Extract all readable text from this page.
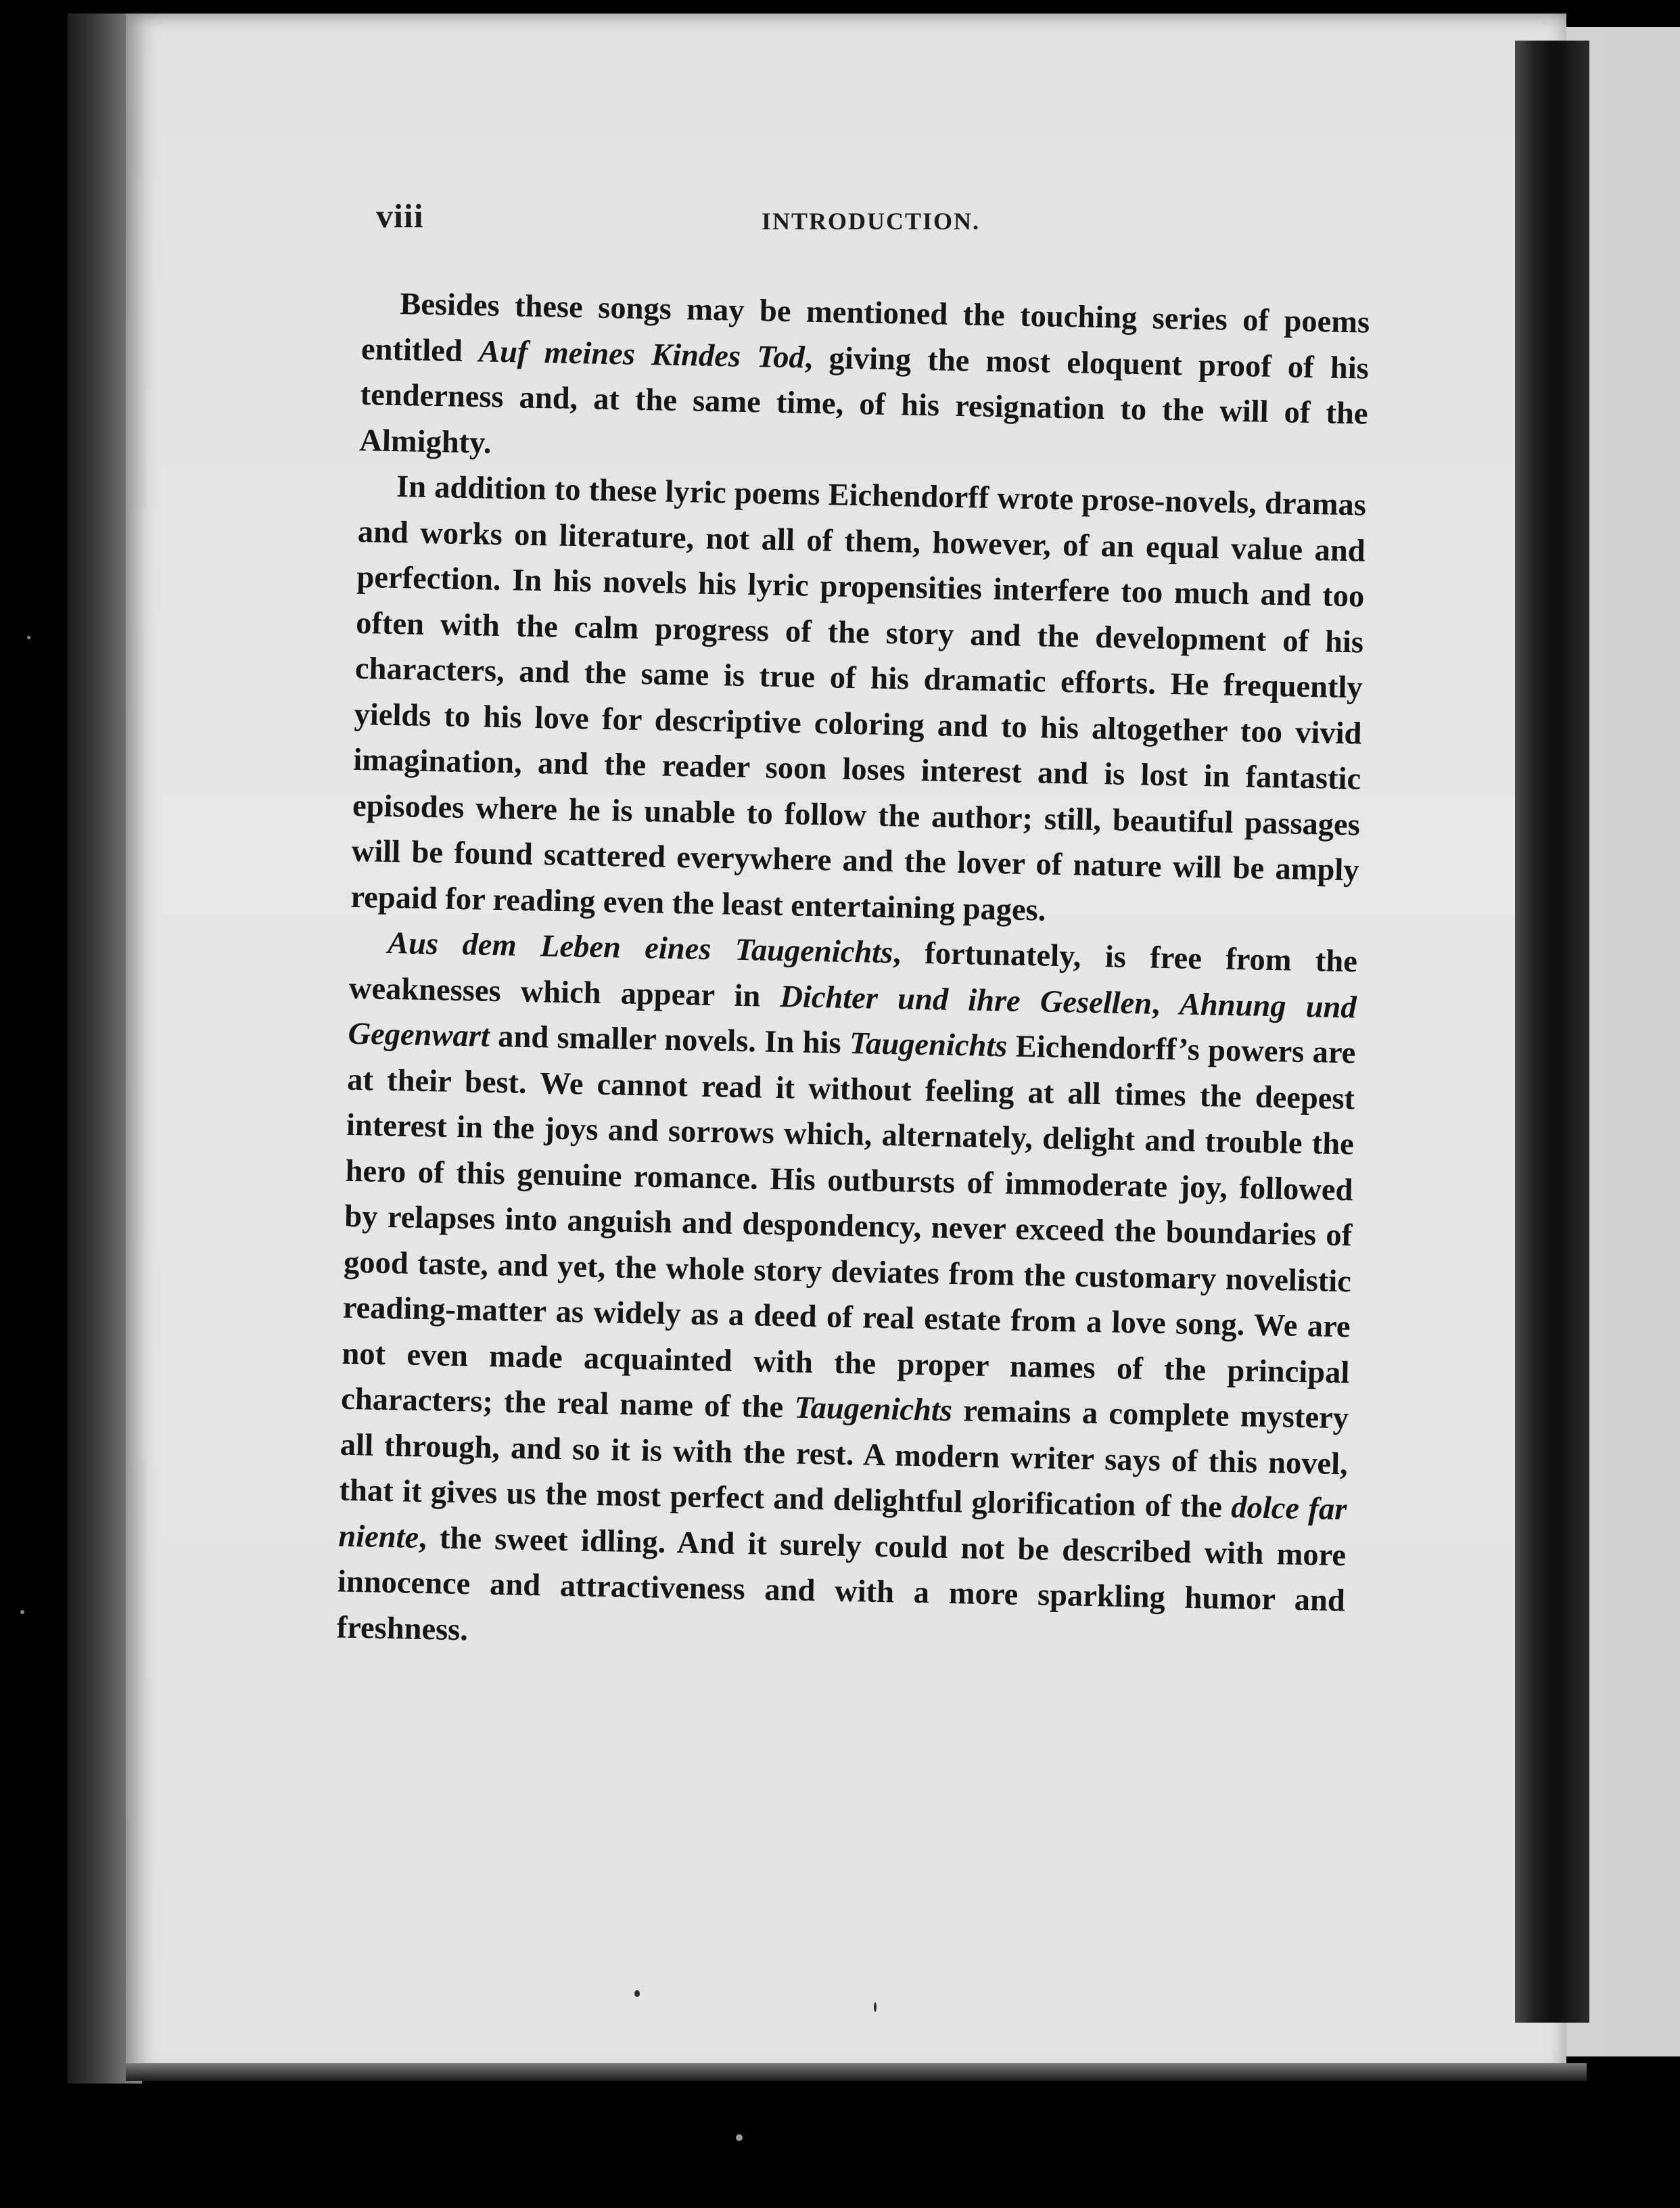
viii	INTRODUCTION.

Besides these songs may be mentioned the touching series of poems entitled Auf meines Kindes Tod, giving the most eloquent proof of his tenderness and, at the same time, of his resignation to the will of the Almighty.

In addition to these lyric poems Eichendorff wrote prose-novels, dramas and works on literature, not all of them, however, of an equal value and perfection. In his novels his lyric propensities interfere too much and too often with the calm progress of the story and the development of his characters, and the same is true of his dramatic efforts. He frequently yields to his love for descriptive coloring and to his altogether too vivid imagination, and the reader soon loses interest and is lost in fantastic episodes where he is unable to follow the author; still, beautiful passages will be found scattered everywhere and the lover of nature will be amply repaid for reading even the least entertaining pages.

Aus dem Leben eines Taugenichts, fortunately, is free from the weaknesses which appear in Dichter und ihre Gesellen, Ahnung und Gegenwart and smaller novels. In his Taugenichts Eichendorff’s powers are at their best. We cannot read it without feeling at all times the deepest interest in the joys and sorrows which, alternately, delight and trouble the hero of this genuine romance. His outbursts of immoderate joy, followed by relapses into anguish and despondency, never exceed the boundaries of good taste, and yet, the whole story deviates from the customary novelistic reading-matter as widely as a deed of real estate from a love song. We are not even made acquainted with the proper names of the principal characters; the real name of the Taugenichts remains a complete mystery all through, and so it is with the rest. A modern writer says of this novel, that it gives us the most perfect and delightful glorification of the dolce far niente, the sweet idling. And it surely could not be described with more innocence and attractiveness and with a more sparkling humor and freshness.
